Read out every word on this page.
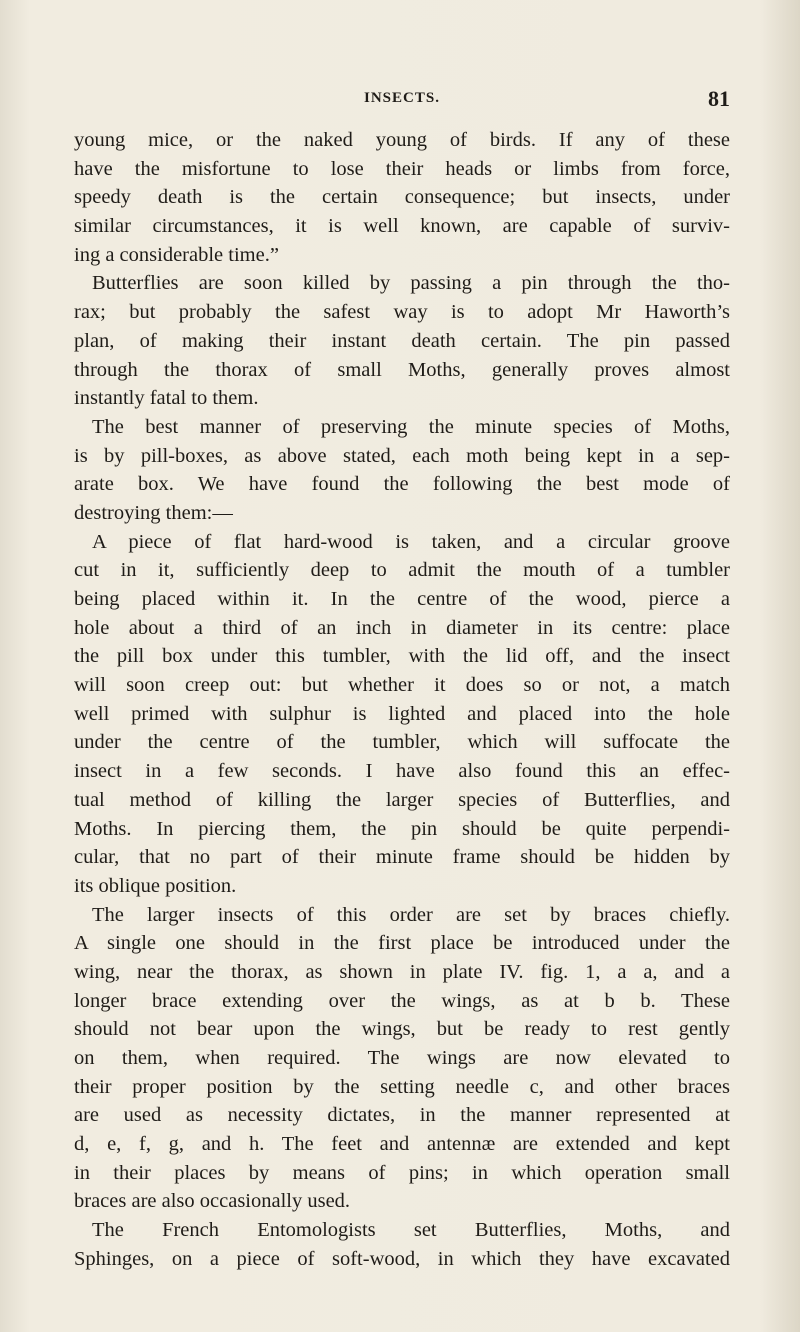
INSECTS.	81
young mice, or the naked young of birds. If any of these
have the misfortune to lose their heads or limbs from force,
speedy death is the certain consequence; but insects, under
similar circumstances, it is well known, are capable of surviv-
ing a considerable time.”
Butterflies are soon killed by passing a pin through the tho-
rax; but probably the safest way is to adopt Mr Haworth’s
plan, of making their instant death certain. The pin passed
through the thorax of small Moths, generally proves almost
instantly fatal to them.
The best manner of preserving the minute species of Moths,
is by pill-boxes, as above stated, each moth being kept in a sep-
arate box. We have found the following the best mode of
destroying them:—
A piece of flat hard-wood is taken, and a circular groove
cut in it, sufficiently deep to admit the mouth of a tumbler
being placed within it. In the centre of the wood, pierce a
hole about a third of an inch in diameter in its centre: place
the pill box under this tumbler, with the lid off, and the insect
will soon creep out: but whether it does so or not, a match
well primed with sulphur is lighted and placed into the hole
under the centre of the tumbler, which will suffocate the
insect in a few seconds. I have also found this an effec-
tual method of killing the larger species of Butterflies, and
Moths. In piercing them, the pin should be quite perpendi-
cular, that no part of their minute frame should be hidden by
its oblique position.
The larger insects of this order are set by braces chiefly.
A single one should in the first place be introduced under the
wing, near the thorax, as shown in plate IV. fig. 1, a a, and a
longer brace extending over the wings, as at b b. These
should not bear upon the wings, but be ready to rest gently
on them, when required. The wings are now elevated to
their proper position by the setting needle c, and other braces
are used as necessity dictates, in the manner represented at
d, e, f, g, and h. The feet and antennæ are extended and kept
in their places by means of pins; in which operation small
braces are also occasionally used.
The French Entomologists set Butterflies, Moths, and
Sphinges, on a piece of soft-wood, in which they have excavated
